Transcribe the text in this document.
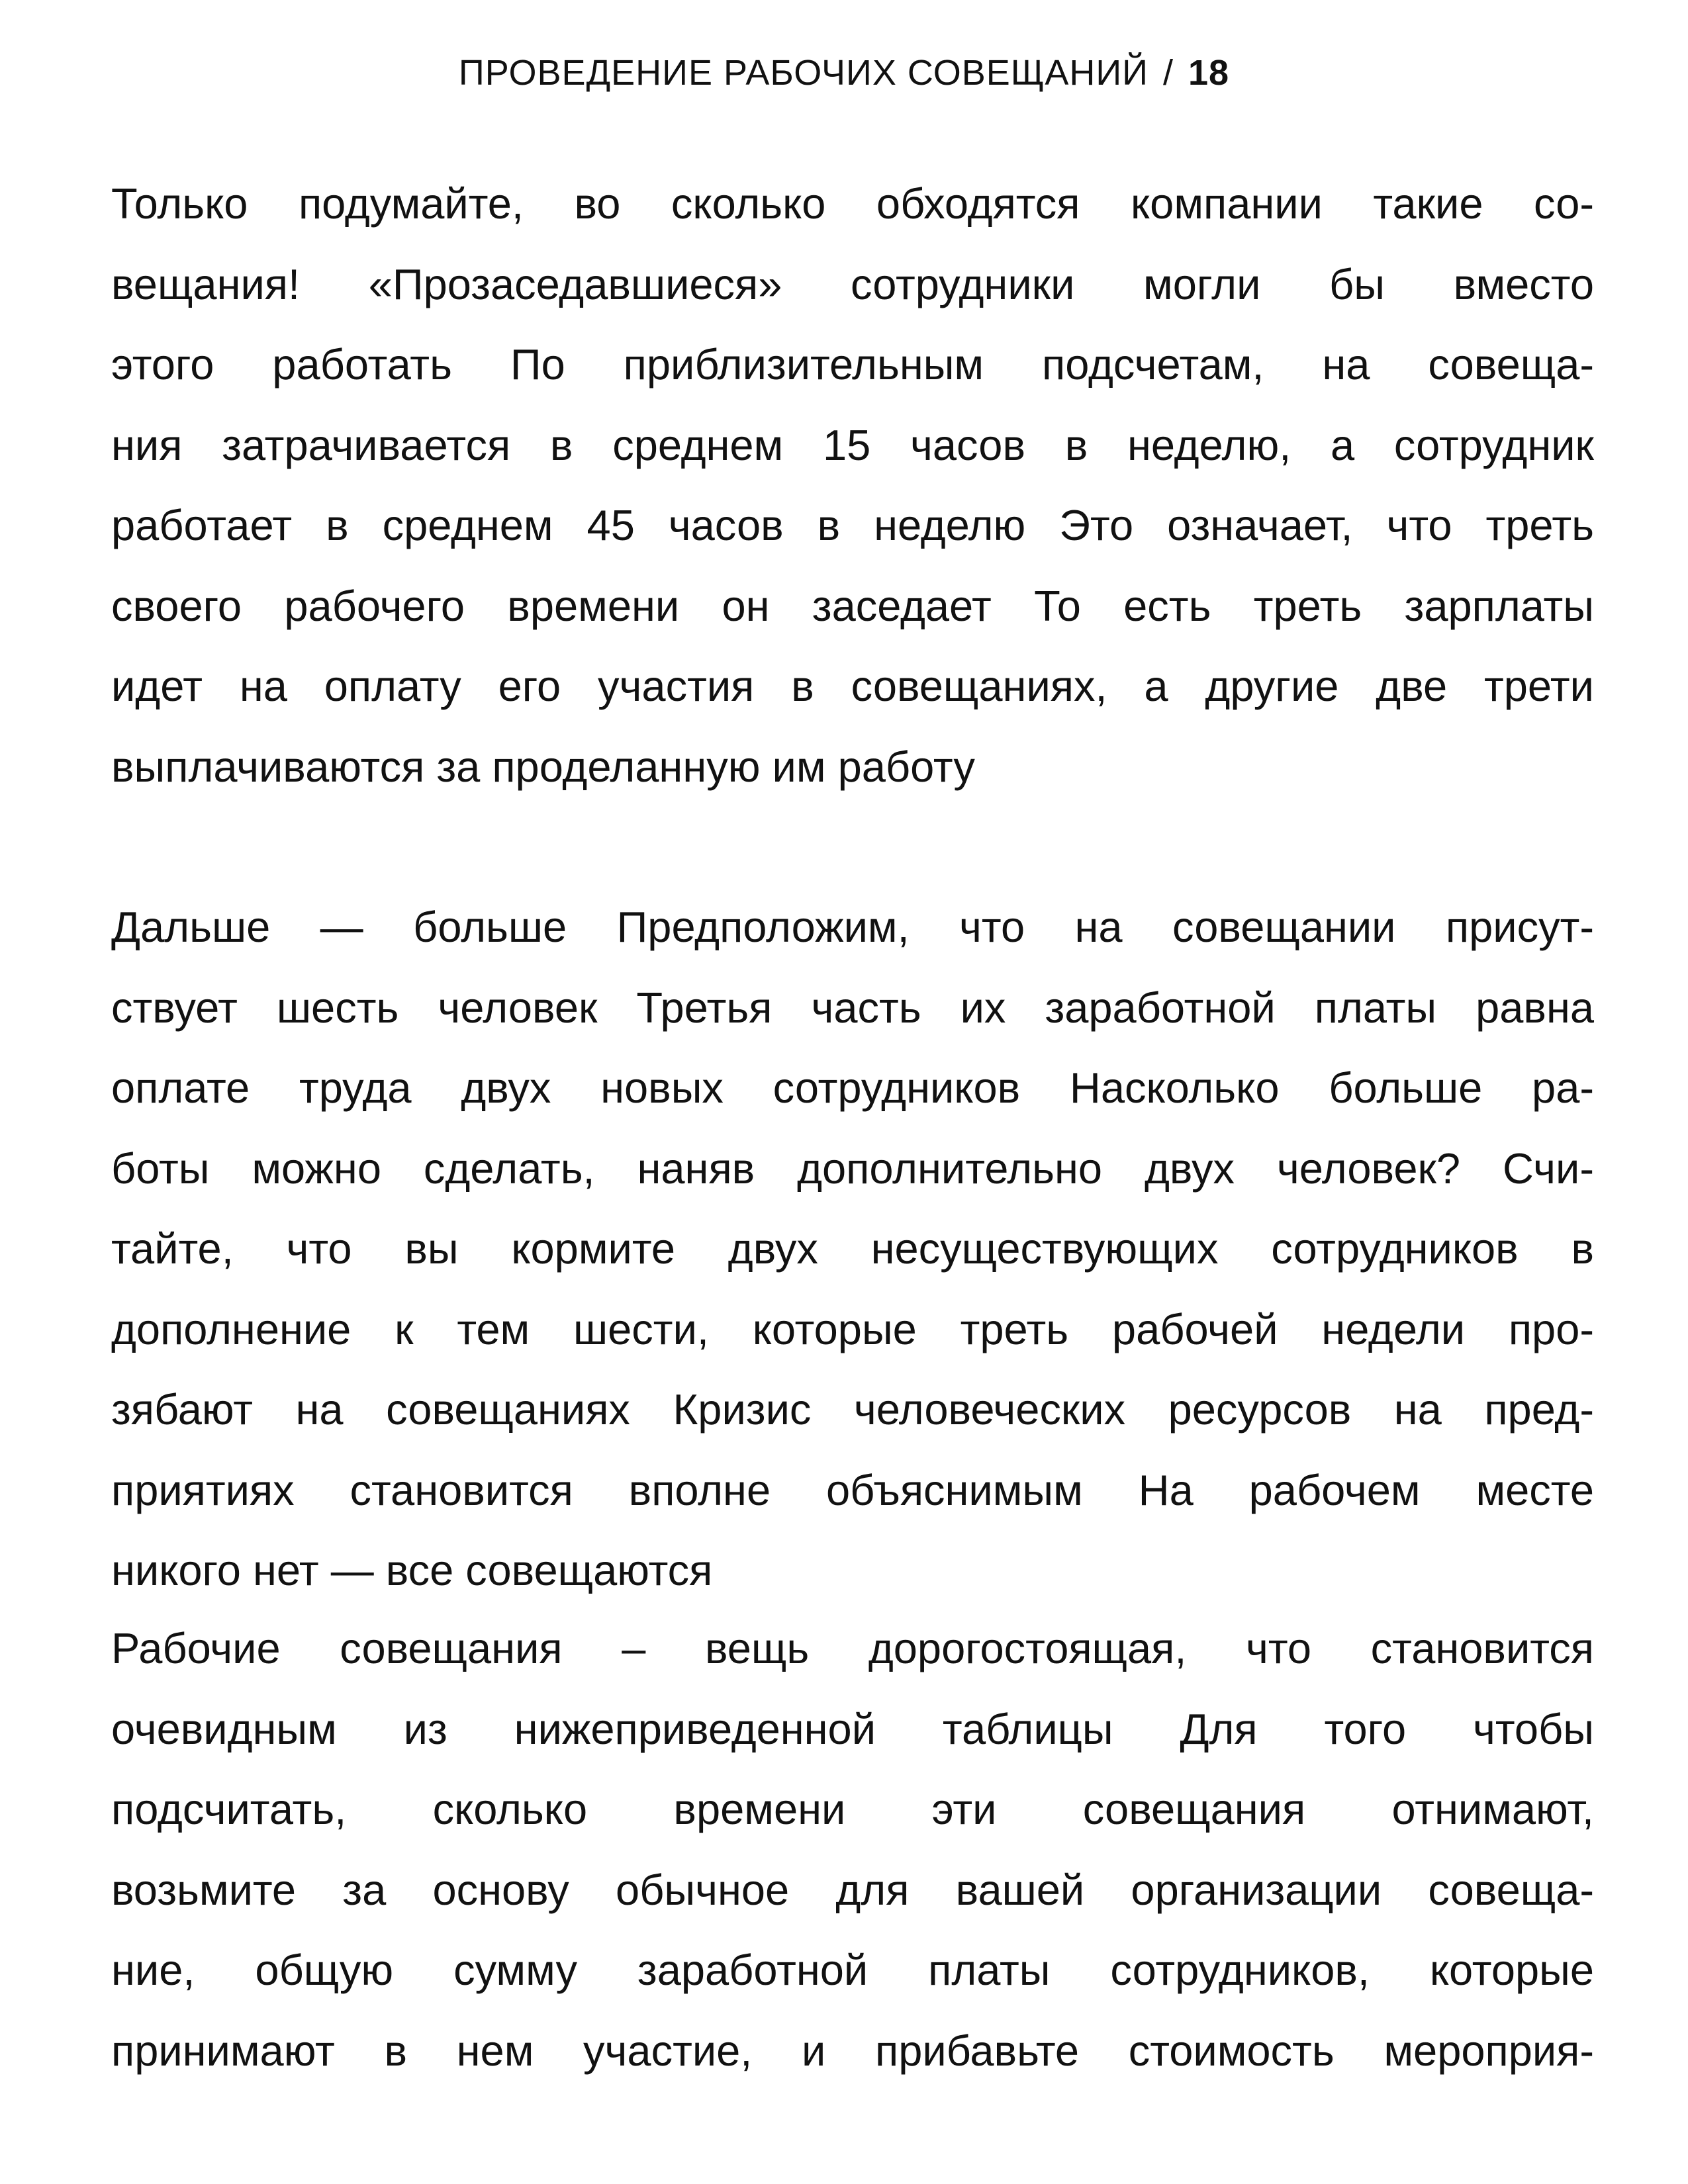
ПРОВЕДЕНИЕ РАБОЧИХ СОВЕЩАНИЙ / 18
Только подумайте, во сколько обходятся компании такие со-
вещания! «Прозаседавшиеся» сотрудники могли бы вместо
этого работать По приблизительным подсчетам, на совеща-
ния затрачивается в среднем 15 часов в неделю, а сотрудник
работает в среднем 45 часов в неделю Это означает, что треть
своего рабочего времени он заседает То есть треть зарплаты
идет на оплату его участия в совещаниях, а другие две трети
выплачиваются за проделанную им работу
Дальше — больше Предположим, что на совещании присут-
ствует шесть человек Третья часть их заработной платы равна
оплате труда двух новых сотрудников Насколько больше ра-
боты можно сделать, наняв дополнительно двух человек? Счи-
тайте, что вы кормите двух несуществующих сотрудников в
дополнение к тем шести, которые треть рабочей недели про-
зябают на совещаниях Кризис человеческих ресурсов на пред-
приятиях становится вполне объяснимым На рабочем месте
никого нет — все совещаются
Рабочие совещания – вещь дорогостоящая, что становится
очевидным из нижеприведенной таблицы Для того чтобы
подсчитать, сколько времени эти совещания отнимают,
возьмите за основу обычное для вашей организации совеща-
ние, общую сумму заработной платы сотрудников, которые
принимают в нем участие, и прибавьте стоимость мероприя-
